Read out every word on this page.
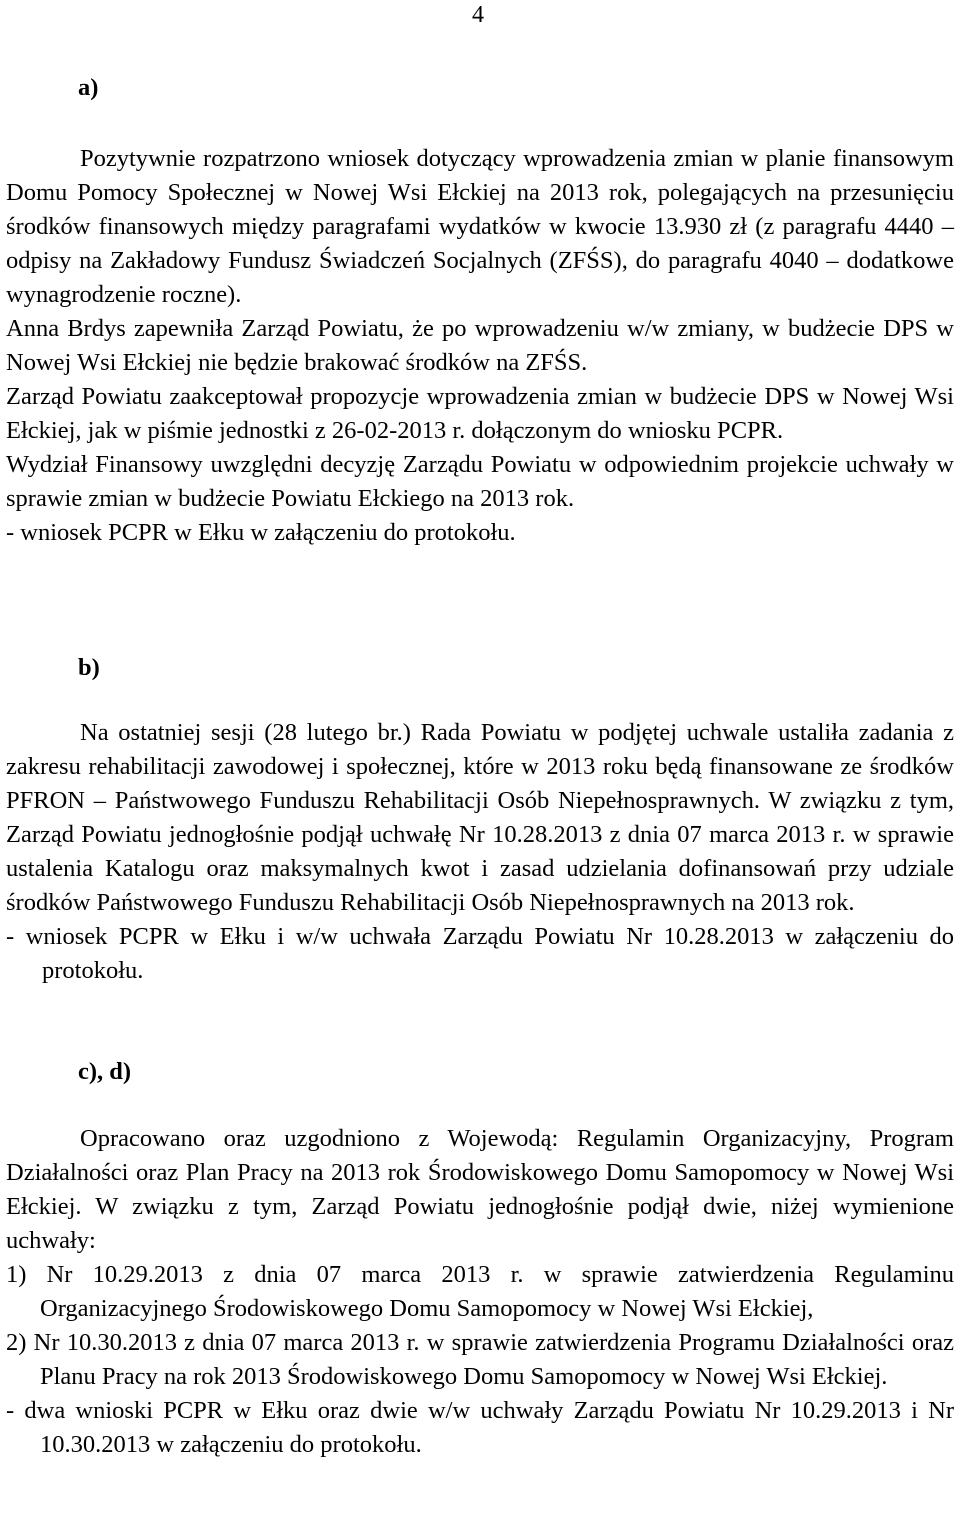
4
a)

Pozytywnie rozpatrzono wniosek dotyczący wprowadzenia zmian w planie finansowym Domu Pomocy Społecznej w Nowej Wsi Ełckiej na 2013 rok, polegających na przesunięciu środków finansowych między paragrafami wydatków w kwocie 13.930 zł (z paragrafu 4440 – odpisy na Zakładowy Fundusz Świadczeń Socjalnych (ZFŚS), do paragrafu 4040 – dodatkowe wynagrodzenie roczne).

Anna Brdys zapewniła Zarząd Powiatu, że po wprowadzeniu w/w zmiany, w budżecie DPS w Nowej Wsi Ełckiej nie będzie brakować środków na ZFŚS.

Zarząd Powiatu zaakceptował propozycje wprowadzenia zmian w budżecie DPS w Nowej Wsi Ełckiej, jak w piśmie jednostki z 26-02-2013 r. dołączonym do wniosku PCPR.

Wydział Finansowy uwzględni decyzję Zarządu Powiatu w odpowiednim projekcie uchwały w sprawie zmian w budżecie Powiatu Ełckiego na 2013 rok.

- wniosek PCPR w Ełku w załączeniu do protokołu.

b)

Na ostatniej sesji (28 lutego br.) Rada Powiatu w podjętej uchwale ustaliła zadania z zakresu rehabilitacji zawodowej i społecznej, które w 2013 roku będą finansowane ze środków PFRON – Państwowego Funduszu Rehabilitacji Osób Niepełnosprawnych. W związku z tym, Zarząd Powiatu jednogłośnie podjął uchwałę Nr 10.28.2013 z dnia 07 marca 2013 r. w sprawie ustalenia Katalogu oraz maksymalnych kwot i zasad udzielania dofinansowań przy udziale środków Państwowego Funduszu Rehabilitacji Osób Niepełnosprawnych na 2013 rok.

- wniosek PCPR w Ełku i w/w uchwała Zarządu Powiatu Nr 10.28.2013 w załączeniu do protokołu.

c), d)

Opracowano oraz uzgodniono z Wojewodą: Regulamin Organizacyjny, Program Działalności oraz Plan Pracy na 2013 rok Środowiskowego Domu Samopomocy w Nowej Wsi Ełckiej. W związku z tym, Zarząd Powiatu jednogłośnie podjął dwie, niżej wymienione uchwały:

1) Nr 10.29.2013 z dnia 07 marca 2013 r. w sprawie zatwierdzenia Regulaminu Organizacyjnego Środowiskowego Domu Samopomocy w Nowej Wsi Ełckiej,

2) Nr 10.30.2013 z dnia 07 marca 2013 r. w sprawie zatwierdzenia Programu Działalności oraz Planu Pracy na rok 2013 Środowiskowego Domu Samopomocy w Nowej Wsi Ełckiej.

- dwa wnioski PCPR w Ełku oraz dwie w/w uchwały Zarządu Powiatu Nr 10.29.2013 i Nr 10.30.2013 w załączeniu do protokołu.
